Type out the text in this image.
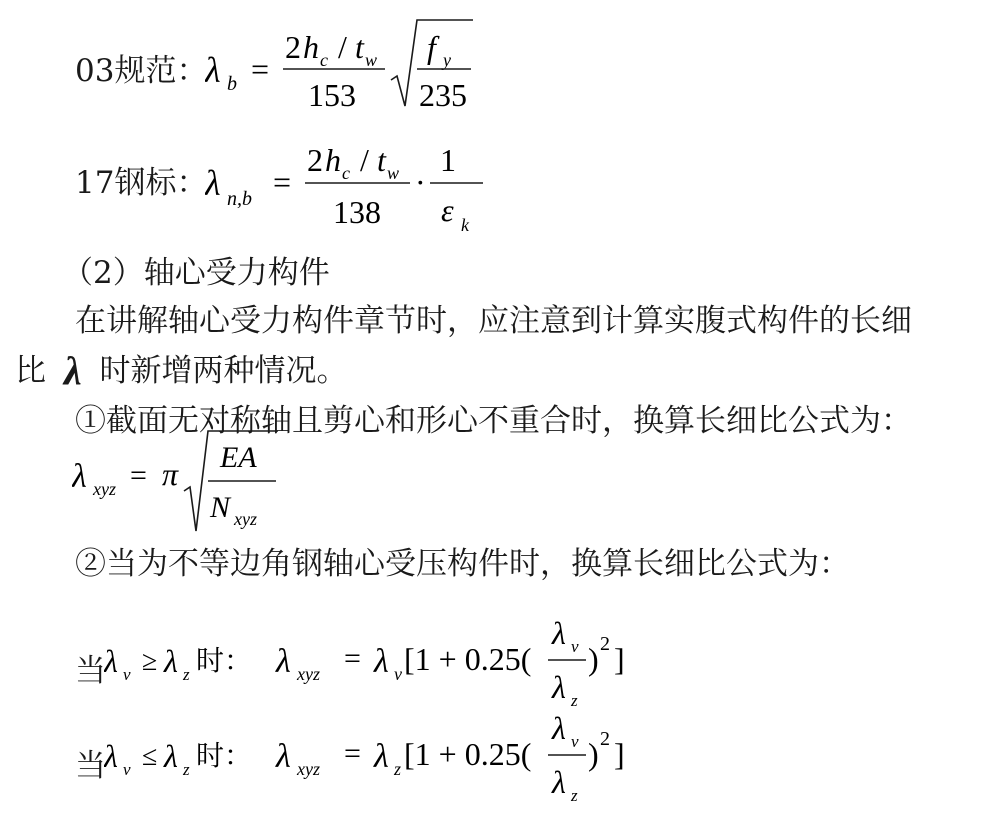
03规范：
λ b =
2 h c / t w
153
f y
235
17钢标：
λ n,b =
2 h c / t w
138
·
1
ε k
（2）轴心受力构件
在讲解轴心受力构件章节时，应注意到计算实腹式构件的长细
比 λ 时新增两种情况。
①截面无对称轴且剪心和形心不重合时，换算长细比公式为：
λ xyz = π EA
N xyz
②当为不等边角钢轴心受压构件时，换算长细比公式为：
当
λ v ≥ λ z 时： λ xyz = λ v [1 + 0.25(
λ v
λ z
) 2 ]
当
λ v ≤ λ z 时： λ xyz = λ z [1 + 0.25(
λ v
λ z
) 2 ]
